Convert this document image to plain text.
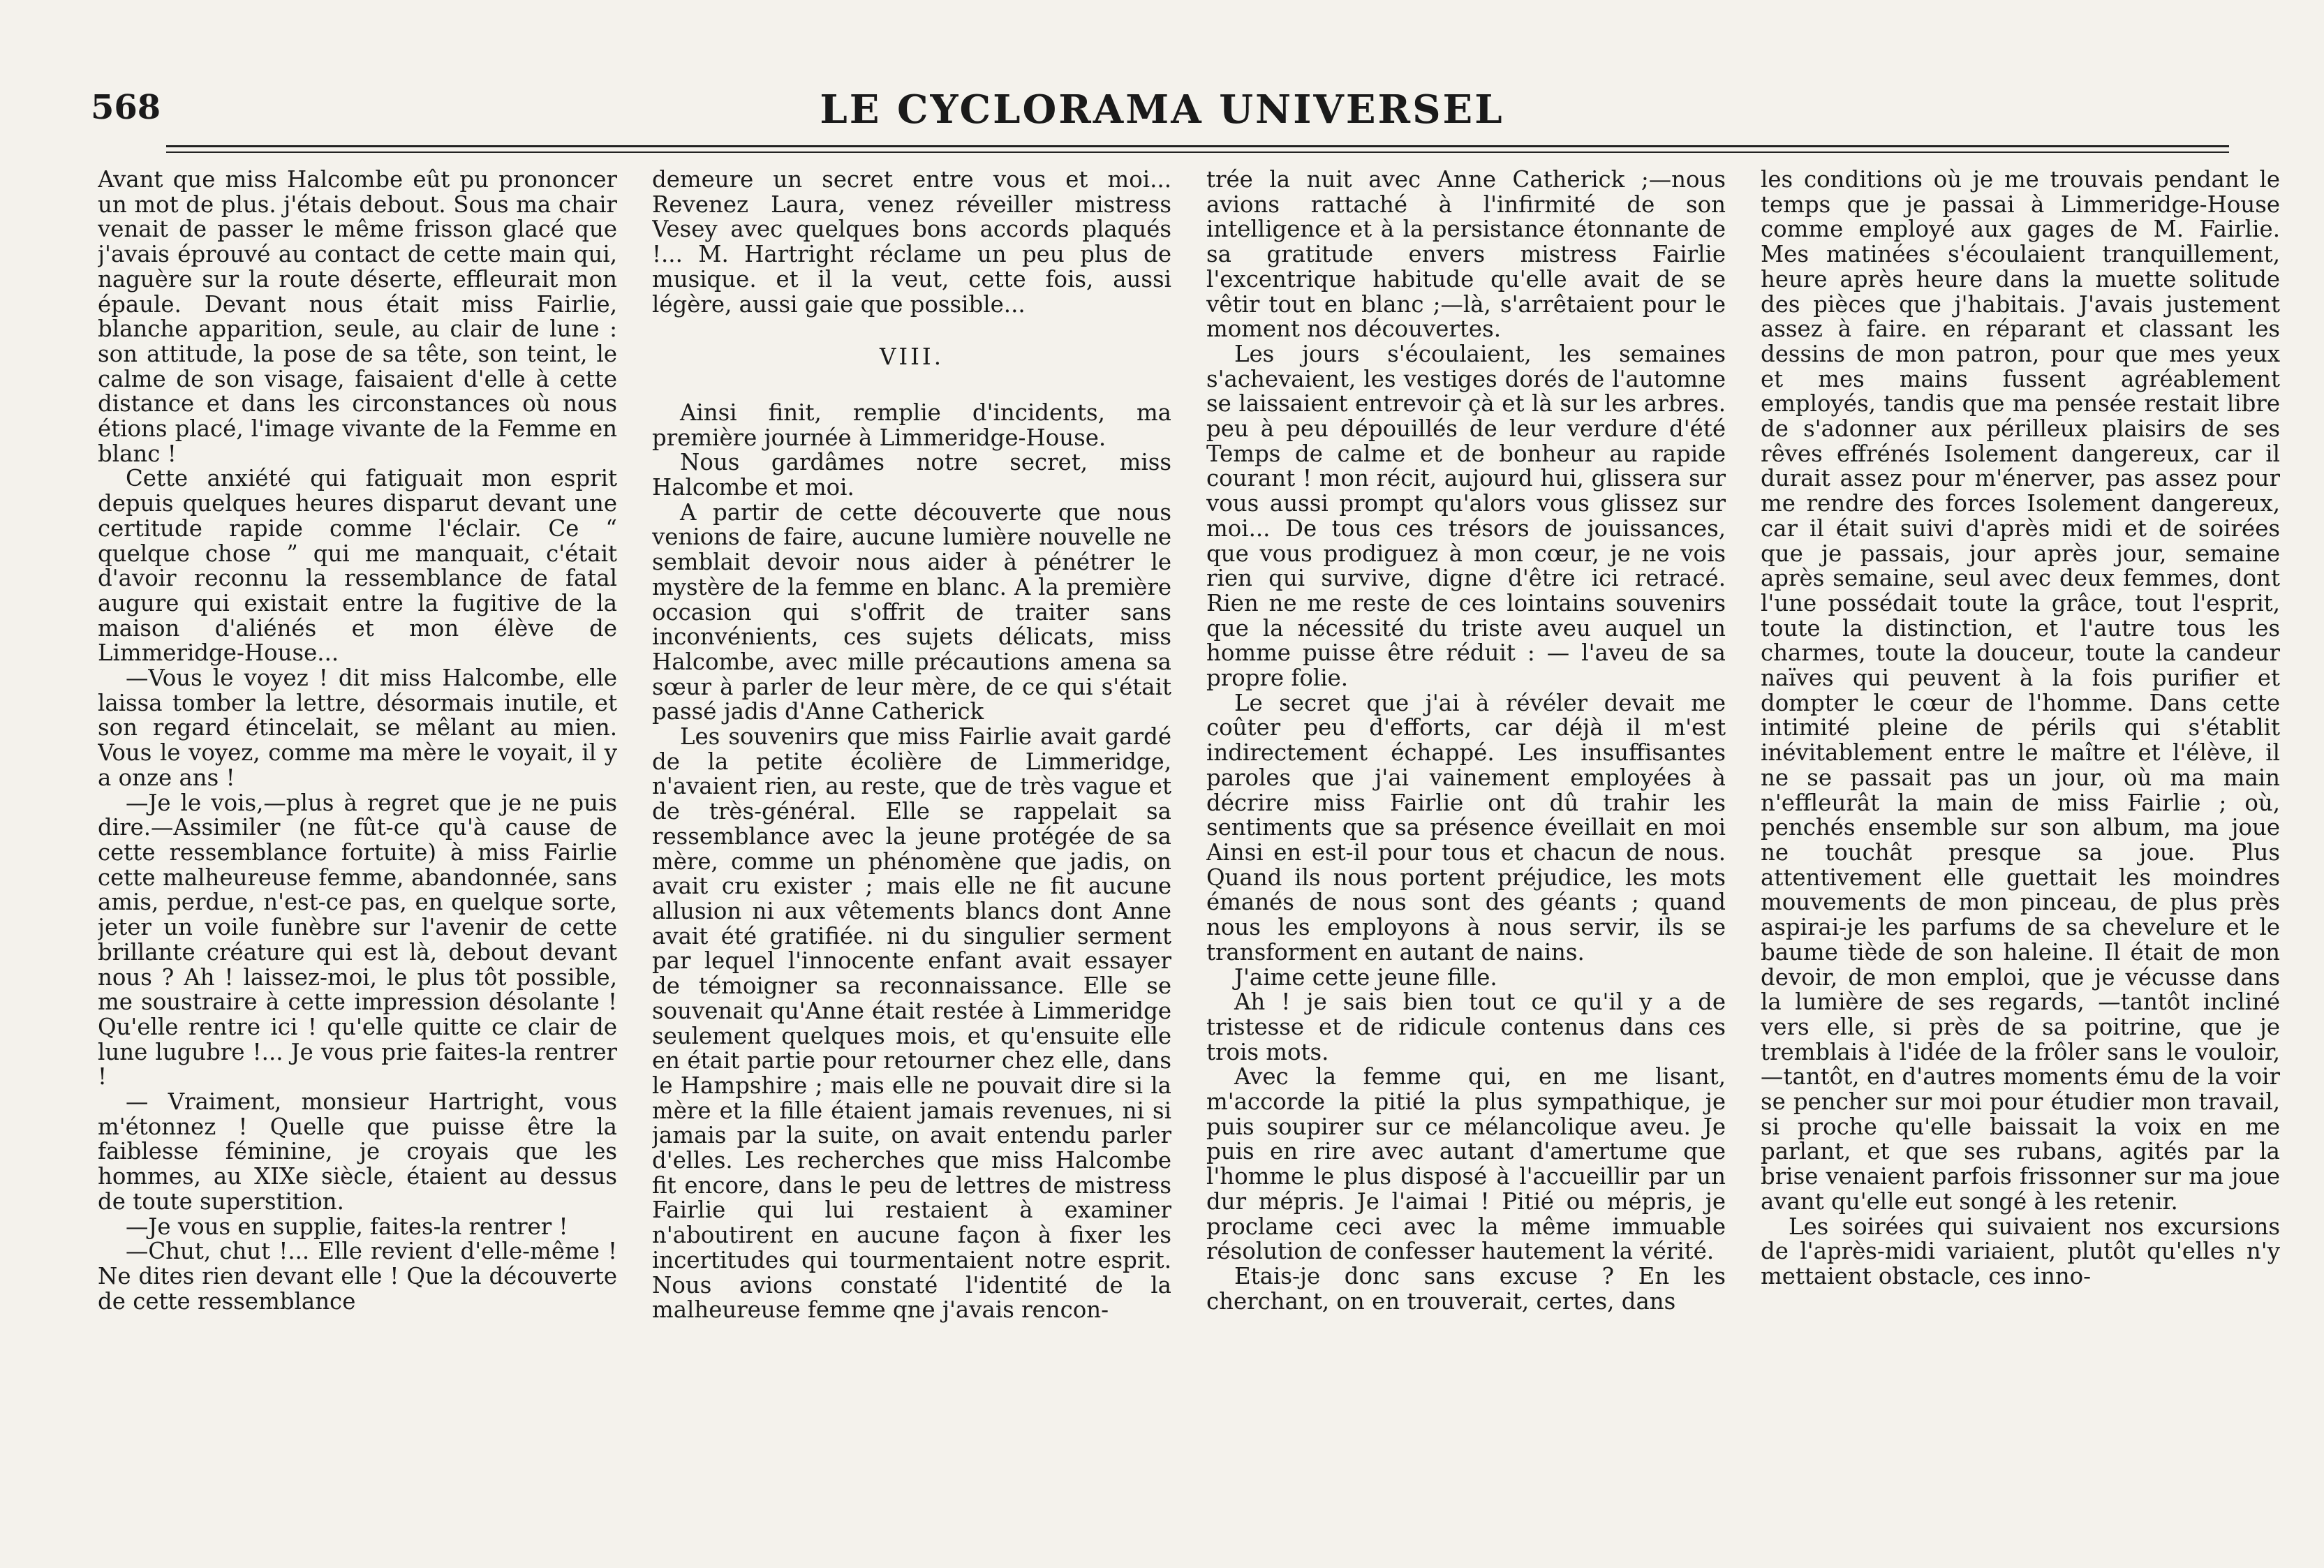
568	LE CYCLORAMA UNIVERSEL

Avant que miss Halcombe eût pu prononcer un mot de plus. j'étais debout. Sous ma chair venait de passer le même frisson glacé que j'avais éprouvé au contact de cette main qui, naguère sur la route déserte, effleurait mon épaule. Devant nous était miss Fairlie, blanche apparition, seule, au clair de lune : son attitude, la pose de sa tête, son teint, le calme de son visage, faisaient d'elle à cette distance et dans les circonstances où nous étions placé, l'image vivante de la Femme en blanc !

Cette anxiété qui fatiguait mon esprit depuis quelques heures disparut devant une certitude rapide comme l'éclair. Ce “ quelque chose ” qui me manquait, c'était d'avoir reconnu la ressemblance de fatal augure qui existait entre la fugitive de la maison d'aliénés et mon élève de Limmeridge-House...

—Vous le voyez ! dit miss Halcombe, elle laissa tomber la lettre, désormais inutile, et son regard étincelait, se mêlant au mien. Vous le voyez, comme ma mère le voyait, il y a onze ans !

—Je le vois,—plus à regret que je ne puis dire.—Assimiler (ne fût-ce qu'à cause de cette ressemblance fortuite) à miss Fairlie cette malheureuse femme, abandonnée, sans amis, perdue, n'est-ce pas, en quelque sorte, jeter un voile funèbre sur l'avenir de cette brillante créature qui est là, debout devant nous ? Ah ! laissez-moi, le plus tôt possible, me soustraire à cette impression désolante ! Qu'elle rentre ici ! qu'elle quitte ce clair de lune lugubre !... Je vous prie faites-la rentrer !

— Vraiment, monsieur Hartright, vous m'étonnez ! Quelle que puisse être la faiblesse féminine, je croyais que les hommes, au XIXe siècle, étaient au dessus de toute superstition.

—Je vous en supplie, faites-la rentrer !

—Chut, chut !... Elle revient d'elle-même ! Ne dites rien devant elle ! Que la découverte de cette ressemblance

demeure un secret entre vous et moi... Revenez Laura, venez réveiller mistress Vesey avec quelques bons accords plaqués !... M. Hartright réclame un peu plus de musique. et il la veut, cette fois, aussi légère, aussi gaie que possible...

VIII.

Ainsi finit, remplie d'incidents, ma première journée à Limmeridge-House.

Nous gardâmes notre secret, miss Halcombe et moi.

A partir de cette découverte que nous venions de faire, aucune lumière nouvelle ne semblait devoir nous aider à pénétrer le mystère de la femme en blanc. A la première occasion qui s'offrit de traiter sans inconvénients, ces sujets délicats, miss Halcombe, avec mille précautions amena sa sœur à parler de leur mère, de ce qui s'était passé jadis d'Anne Catherick

Les souvenirs que miss Fairlie avait gardé de la petite écolière de Limmeridge, n'avaient rien, au reste, que de très vague et de très-général. Elle se rappelait sa ressemblance avec la jeune protégée de sa mère, comme un phénomène que jadis, on avait cru exister ; mais elle ne fit aucune allusion ni aux vêtements blancs dont Anne avait été gratifiée. ni du singulier serment par lequel l'innocente enfant avait essayer de témoigner sa reconnaissance. Elle se souvenait qu'Anne était restée à Limmeridge seulement quelques mois, et qu'ensuite elle en était partie pour retourner chez elle, dans le Hampshire ; mais elle ne pouvait dire si la mère et la fille étaient jamais revenues, ni si jamais par la suite, on avait entendu parler d'elles. Les recherches que miss Halcombe fit encore, dans le peu de lettres de mistress Fairlie qui lui restaient à examiner n'aboutirent en aucune façon à fixer les incertitudes qui tourmentaient notre esprit. Nous avions constaté l'identité de la malheureuse femme qne j'avais rencon-

trée la nuit avec Anne Catherick ;—nous avions rattaché à l'infirmité de son intelligence et à la persistance étonnante de sa gratitude envers mistress Fairlie l'excentrique habitude qu'elle avait de se vêtir tout en blanc ;—là, s'arrêtaient pour le moment nos découvertes.

Les jours s'écoulaient, les semaines s'achevaient, les vestiges dorés de l'automne se laissaient entrevoir çà et là sur les arbres. peu à peu dépouillés de leur verdure d'été Temps de calme et de bonheur au rapide courant ! mon récit, aujourd hui, glissera sur vous aussi prompt qu'alors vous glissez sur moi... De tous ces trésors de jouissances, que vous prodiguez à mon cœur, je ne vois rien qui survive, digne d'être ici retracé. Rien ne me reste de ces lointains souvenirs que la nécessité du triste aveu auquel un homme puisse être réduit : — l'aveu de sa propre folie.

Le secret que j'ai à révéler devait me coûter peu d'efforts, car déjà il m'est indirectement échappé. Les insuffisantes paroles que j'ai vainement employées à décrire miss Fairlie ont dû trahir les sentiments que sa présence éveillait en moi Ainsi en est-il pour tous et chacun de nous. Quand ils nous portent préjudice, les mots émanés de nous sont des géants ; quand nous les employons à nous servir, ils se transforment en autant de nains.

J'aime cette jeune fille.

Ah ! je sais bien tout ce qu'il y a de tristesse et de ridicule contenus dans ces trois mots.

Avec la femme qui, en me lisant, m'accorde la pitié la plus sympathique, je puis soupirer sur ce mélancolique aveu. Je puis en rire avec autant d'amertume que l'homme le plus disposé à l'accueillir par un dur mépris. Je l'aimai ! Pitié ou mépris, je proclame ceci avec la même immuable résolution de confesser hautement la vérité.

Etais-je donc sans excuse ? En les cherchant, on en trouverait, certes, dans

les conditions où je me trouvais pendant le temps que je passai à Limmeridge-House comme employé aux gages de M. Fairlie. Mes matinées s'écoulaient tranquillement, heure après heure dans la muette solitude des pièces que j'habitais. J'avais justement assez à faire. en réparant et classant les dessins de mon patron, pour que mes yeux et mes mains fussent agréablement employés, tandis que ma pensée restait libre de s'adonner aux périlleux plaisirs de ses rêves effrénés Isolement dangereux, car il durait assez pour m'énerver, pas assez pour me rendre des forces Isolement dangereux, car il était suivi d'après midi et de soirées que je passais, jour après jour, semaine après semaine, seul avec deux femmes, dont l'une possédait toute la grâce, tout l'esprit, toute la distinction, et l'autre tous les charmes, toute la douceur, toute la candeur naïves qui peuvent à la fois purifier et dompter le cœur de l'homme. Dans cette intimité pleine de périls qui s'établit inévitablement entre le maître et l'élève, il ne se passait pas un jour, où ma main n'effleurât la main de miss Fairlie ; où, penchés ensemble sur son album, ma joue ne touchât presque sa joue. Plus attentivement elle guettait les moindres mouvements de mon pinceau, de plus près aspirai-je les parfums de sa chevelure et le baume tiède de son haleine. Il était de mon devoir, de mon emploi, que je vécusse dans la lumière de ses regards, —tantôt incliné vers elle, si près de sa poitrine, que je tremblais à l'idée de la frôler sans le vouloir,—tantôt, en d'autres moments ému de la voir se pencher sur moi pour étudier mon travail, si proche qu'elle baissait la voix en me parlant, et que ses rubans, agités par la brise venaient parfois frissonner sur ma joue avant qu'elle eut songé à les retenir.

Les soirées qui suivaient nos excursions de l'après-midi variaient, plutôt qu'elles n'y mettaient obstacle, ces inno-
